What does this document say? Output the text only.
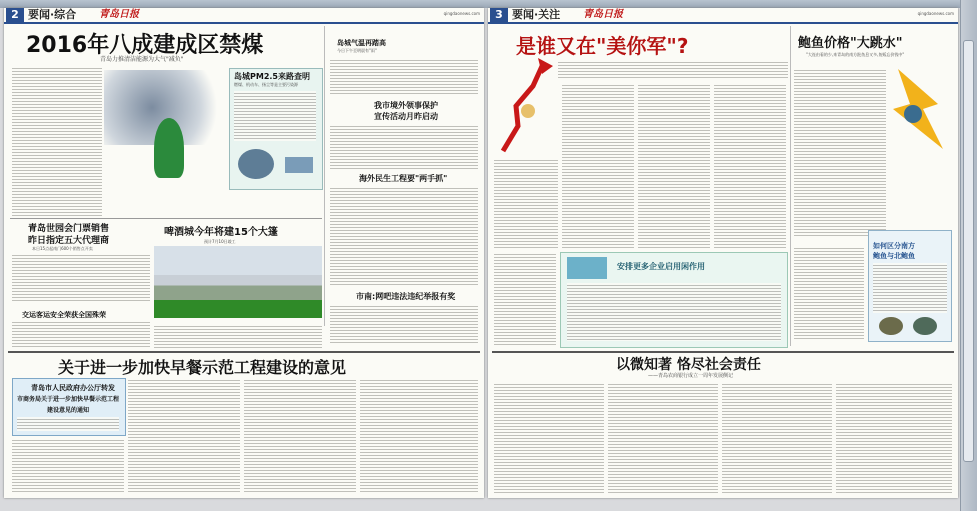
2 要闻·综合 青岛日报	qingdaonews.com
2016年八成建成区禁煤
青岛力推清洁能源为大气"减负"
岛城PM2.5来路查明
燃煤、机动车、扬尘等是主要污染源
岛城气温再踏高
今日下午至明晨有"雨"
我市境外领事保护
宣传活动月昨启动
海外民生工程要"两手抓"
市南:网吧违法违纪举报有奖
青岛世园会门票销售
昨日指定五大代理商
本日15点起南门600个销售点开卖
啤酒城今年将建15个大篷
预计7月10日竣工
交运客运安全荣获全国殊荣
关于进一步加快早餐示范工程建设的意见
青岛市人民政府办公厅转发
市商务局关于进一步加快早餐示范工程
建设意见的通知
3 要闻·关注 青岛日报	qingdaonews.com
是谁又在"美你军"?	鲍鱼价格"大跳水"
"大连由看的少,来青岛的南方批鱼息又多,鱼贩忘价钱中"
如何区分南方
鲍鱼与北鲍鱼
安排更多企业启用闲作用
以微知著 恪尽社会责任
——青岛农商银行成立一周年发展侧记
